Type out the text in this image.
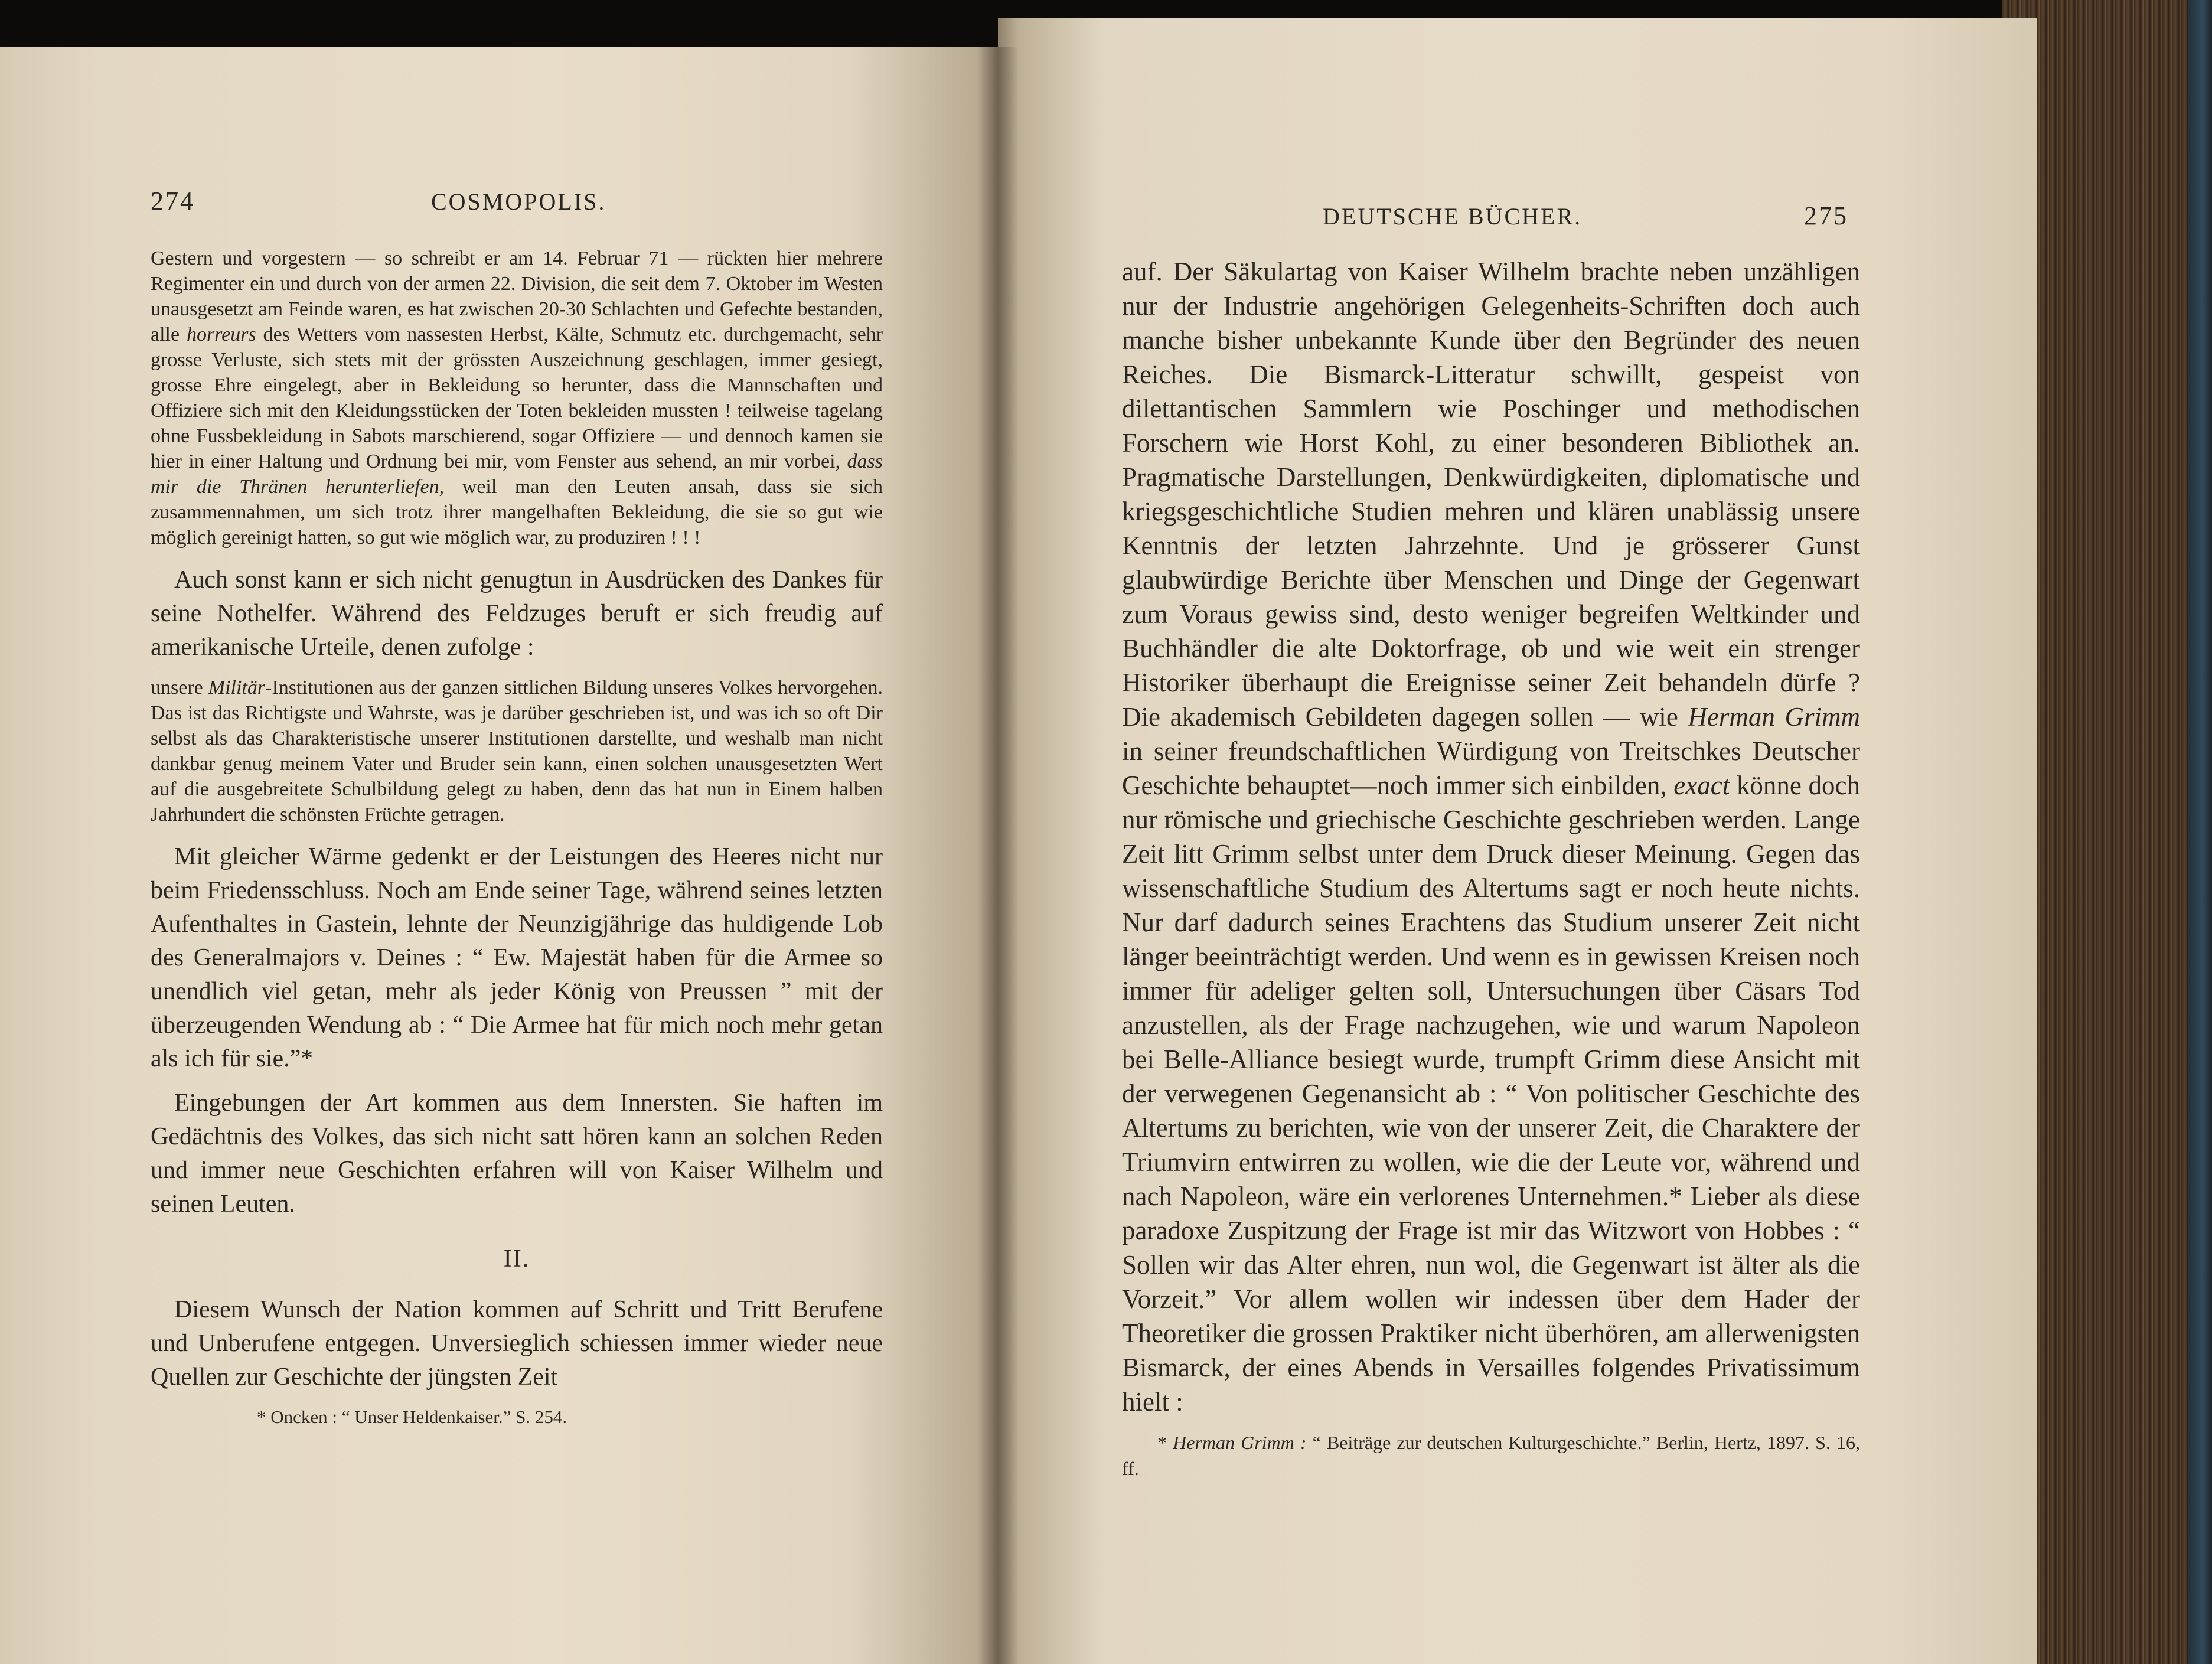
274	COSMOPOLIS.

Gestern und vorgestern — so schreibt er am 14. Februar 71 — rückten hier mehrere Regimenter ein und durch von der armen 22. Division, die seit dem 7. Oktober im Westen unausgesetzt am Feinde waren, es hat zwischen 20-30 Schlachten und Gefechte bestanden, alle horreurs des Wetters vom nassesten Herbst, Kälte, Schmutz etc. durchgemacht, sehr grosse Verluste, sich stets mit der grössten Auszeichnung geschlagen, immer gesiegt, grosse Ehre eingelegt, aber in Bekleidung so herunter, dass die Mannschaften und Offiziere sich mit den Kleidungsstücken der Toten bekleiden mussten ! teilweise tagelang ohne Fussbekleidung in Sabots marschierend, sogar Offiziere — und dennoch kamen sie hier in einer Haltung und Ordnung bei mir, vom Fenster aus sehend, an mir vorbei, dass mir die Thränen herunterliefen, weil man den Leuten ansah, dass sie sich zusammennahmen, um sich trotz ihrer mangelhaften Bekleidung, die sie so gut wie möglich gereinigt hatten, so gut wie möglich war, zu produziren ! ! !

Auch sonst kann er sich nicht genugtun in Ausdrücken des Dankes für seine Nothelfer. Während des Feldzuges beruft er sich freudig auf amerikanische Urteile, denen zufolge :

unsere Militär-Institutionen aus der ganzen sittlichen Bildung unseres Volkes hervorgehen. Das ist das Richtigste und Wahrste, was je darüber geschrieben ist, und was ich so oft Dir selbst als das Charakteristische unserer Institutionen darstellte, und weshalb man nicht dankbar genug meinem Vater und Bruder sein kann, einen solchen unausgesetzten Wert auf die ausgebreitete Schulbildung gelegt zu haben, denn das hat nun in Einem halben Jahrhundert die schönsten Früchte getragen.

Mit gleicher Wärme gedenkt er der Leistungen des Heeres nicht nur beim Friedensschluss. Noch am Ende seiner Tage, während seines letzten Aufenthaltes in Gastein, lehnte der Neunzigjährige das huldigende Lob des Generalmajors v. Deines : “ Ew. Majestät haben für die Armee so unendlich viel getan, mehr als jeder König von Preussen ” mit der überzeugenden Wendung ab : “ Die Armee hat für mich noch mehr getan als ich für sie.”*

Eingebungen der Art kommen aus dem Innersten. Sie haften im Gedächtnis des Volkes, das sich nicht satt hören kann an solchen Reden und immer neue Geschichten erfahren will von Kaiser Wilhelm und seinen Leuten.

II.

Diesem Wunsch der Nation kommen auf Schritt und Tritt Berufene und Unberufene entgegen. Unversieglich schiessen immer wieder neue Quellen zur Geschichte der jüngsten Zeit

* Oncken : “ Unser Heldenkaiser.” S. 254.
DEUTSCHE BÜCHER.	275

auf. Der Säkulartag von Kaiser Wilhelm brachte neben unzähligen nur der Industrie angehörigen Gelegenheits-Schriften doch auch manche bisher unbekannte Kunde über den Begründer des neuen Reiches. Die Bismarck-Litteratur schwillt, gespeist von dilettantischen Sammlern wie Poschinger und methodischen Forschern wie Horst Kohl, zu einer besonderen Bibliothek an. Pragmatische Darstellungen, Denkwürdigkeiten, diplomatische und kriegsgeschichtliche Studien mehren und klären unablässig unsere Kenntnis der letzten Jahrzehnte. Und je grösserer Gunst glaubwürdige Berichte über Menschen und Dinge der Gegenwart zum Voraus gewiss sind, desto weniger begreifen Weltkinder und Buchhändler die alte Doktorfrage, ob und wie weit ein strenger Historiker überhaupt die Ereignisse seiner Zeit behandeln dürfe ? Die akademisch Gebildeten dagegen sollen — wie Herman Grimm in seiner freundschaftlichen Würdigung von Treitschkes Deutscher Geschichte behauptet—noch immer sich einbilden, exact könne doch nur römische und griechische Geschichte geschrieben werden. Lange Zeit litt Grimm selbst unter dem Druck dieser Meinung. Gegen das wissenschaftliche Studium des Altertums sagt er noch heute nichts. Nur darf dadurch seines Erachtens das Studium unserer Zeit nicht länger beeinträchtigt werden. Und wenn es in gewissen Kreisen noch immer für adeliger gelten soll, Untersuchungen über Cäsars Tod anzustellen, als der Frage nachzugehen, wie und warum Napoleon bei Belle-Alliance besiegt wurde, trumpft Grimm diese Ansicht mit der verwegenen Gegenansicht ab : “ Von politischer Geschichte des Altertums zu berichten, wie von der unserer Zeit, die Charaktere der Triumvirn entwirren zu wollen, wie die der Leute vor, während und nach Napoleon, wäre ein verlorenes Unternehmen.* Lieber als diese paradoxe Zuspitzung der Frage ist mir das Witzwort von Hobbes : “ Sollen wir das Alter ehren, nun wol, die Gegenwart ist älter als die Vorzeit.” Vor allem wollen wir indessen über dem Hader der Theoretiker die grossen Praktiker nicht überhören, am allerwenigsten Bismarck, der eines Abends in Versailles folgendes Privatissimum hielt :

* Herman Grimm : “ Beiträge zur deutschen Kulturgeschichte.” Berlin, Hertz, 1897. S. 16, ff.
